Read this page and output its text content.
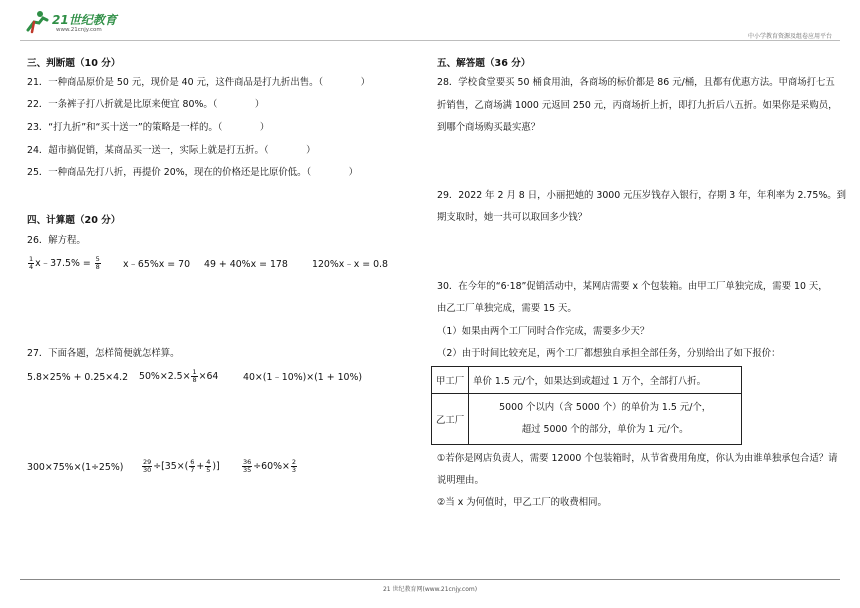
21世纪教育
www.21cnjy.com
中小学教育资源及组卷应用平台
三、判断题（10 分）
21．一种商品原价是 50 元，现价是 40 元，这件商品是打九折出售。（　　　　）
22．一条裤子打八折就是比原来便宜 80%。（　　　　）
23．“打九折”和“买十送一”的策略是一样的。（　　　　）
24．超市搞促销，某商品买一送一，实际上就是打五折。（　　　　）
25．一种商品先打八折，再提价 20%，现在的价格还是比原价低。（　　　　）
四、计算题（20 分）
26．解方程。
$\frac{1}{4}$ x﹣37.5% = $\frac{5}{8}$ x﹣65%x = 70 49 + 40%x = 178	120%x﹣x = 0.8
27．下面各题，怎样简便就怎样算。
5.8×25% + 0.25×4.2 $50\%\times 2.5\times \frac{1}{8} \times 64$	40×(1﹣10%)×(1 + 10%)
300×75%×(1÷25%)	$\frac{29}{30} \div[35\times( \frac{6}{7} + \frac{4}{5}$ )]	$\frac{36}{35} \div 60\%\times \frac{2}{3}$
五、解答题（36 分）
28．学校食堂要买 50 桶食用油，各商场的标价都是 86 元/桶，且都有优惠方法。甲商场打七五
折销售，乙商场满 1000 元返回 250 元，丙商场折上折，即打九折后八五折。如果你是采购员，
到哪个商场购买最实惠？
29．2022 年 2 月 8 日，小丽把她的 3000 元压岁钱存入银行，存期 3 年，年利率为 2.75%。到
期支取时，她一共可以取回多少钱？
30．在今年的“6·18”促销活动中，某网店需要 x 个包装箱。由甲工厂单独完成，需要 10 天，
由乙工厂单独完成，需要 15 天。
（1）如果由两个工厂同时合作完成，需要多少天？
（2）由于时间比较充足，两个工厂都想独自承担全部任务，分别给出了如下报价：
甲工厂	单价 1.5 元/个，如果达到或超过 1 万个，全部打八折。
乙工厂	5000 个以内（含 5000 个）的单价为 1.5 元/个，
超过 5000 个的部分，单价为 1 元/个。
①若你是网店负责人，需要 12000 个包装箱时，从节省费用角度，你认为由谁单独承包合适？请
说明理由。
②当 x 为何值时，甲乙工厂的收费相同。
21 世纪教育网(www.21cnjy.com)
